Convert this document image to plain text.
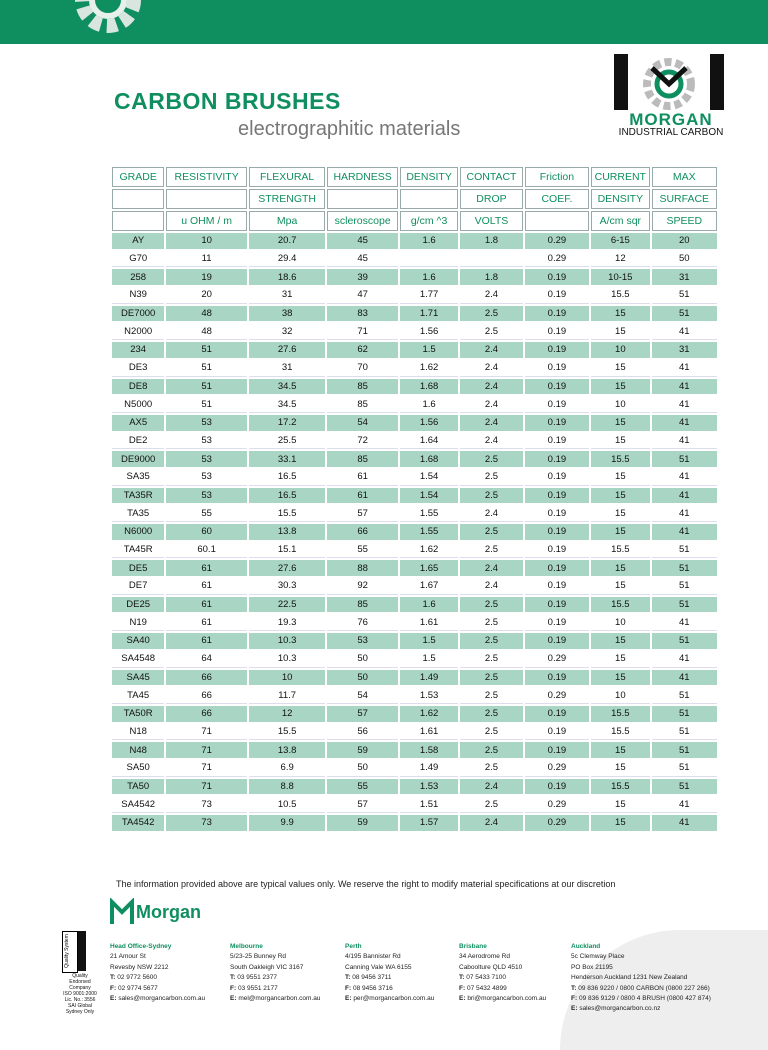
CARBON BRUSHES
electrographitic materials	MORGAN
INDUSTRIAL CARBON
GRADE	RESISTIVITY	FLEXURAL	HARDNESS	DENSITY	CONTACT	Friction	CURRENT	MAX
		STRENGTH			DROP	COEF.	DENSITY	SURFACE
	u OHM / m	Mpa	scleroscope	g/cm ^3	VOLTS		A/cm sqr	SPEED
AY	10	20.7	45	1.6	1.8	0.29	6-15	20
G70	11	29.4	45			0.29	12	50
258	19	18.6	39	1.6	1.8	0.19	10-15	31
N39	20	31	47	1.77	2.4	0.19	15.5	51
DE7000	48	38	83	1.71	2.5	0.19	15	51
N2000	48	32	71	1.56	2.5	0.19	15	41
234	51	27.6	62	1.5	2.4	0.19	10	31
DE3	51	31	70	1.62	2.4	0.19	15	41
DE8	51	34.5	85	1.68	2.4	0.19	15	41
N5000	51	34.5	85	1.6	2.4	0.19	10	41
AX5	53	17.2	54	1.56	2.4	0.19	15	41
DE2	53	25.5	72	1.64	2.4	0.19	15	41
DE9000	53	33.1	85	1.68	2.5	0.19	15.5	51
SA35	53	16.5	61	1.54	2.5	0.19	15	41
TA35R	53	16.5	61	1.54	2.5	0.19	15	41
TA35	55	15.5	57	1.55	2.4	0.19	15	41
N6000	60	13.8	66	1.55	2.5	0.19	15	41
TA45R	60.1	15.1	55	1.62	2.5	0.19	15.5	51
DE5	61	27.6	88	1.65	2.4	0.19	15	51
DE7	61	30.3	92	1.67	2.4	0.19	15	51
DE25	61	22.5	85	1.6	2.5	0.19	15.5	51
N19	61	19.3	76	1.61	2.5	0.19	10	41
SA40	61	10.3	53	1.5	2.5	0.19	15	51
SA4548	64	10.3	50	1.5	2.5	0.29	15	41
SA45	66	10	50	1.49	2.5	0.19	15	41
TA45	66	11.7	54	1.53	2.5	0.29	10	51
TA50R	66	12	57	1.62	2.5	0.19	15.5	51
N18	71	15.5	56	1.61	2.5	0.19	15.5	51
N48	71	13.8	59	1.58	2.5	0.19	15	51
SA50	71	6.9	50	1.49	2.5	0.29	15	51
TA50	71	8.8	55	1.53	2.4	0.19	15.5	51
SA4542	73	10.5	57	1.51	2.5	0.29	15	41
TA4542	73	9.9	59	1.57	2.4	0.29	15	41
The information provided above are typical values only. We reserve the right to modify material specifications at our discretion
Morgan
Quality System
Quality
Endorsed
Company
ISO 9001:2000
Lic. No.: 3556
SAI Global
Sydney Only
Head Office-Sydney
21 Amour St
Revesby NSW 2212
T: 02 9772 5600
F: 02 9774 5677
E: sales@morgancarbon.com.au
Melbourne
5/23-25 Bunney Rd
South Oakleigh VIC 3167
T: 03 9551 2377
F: 03 9551 2177
E: mel@morgancarbon.com.au
Perth
4/195 Bannister Rd
Canning Vale WA 6155
T: 08 9456 3711
F: 08 9456 3716
E: per@morgancarbon.com.au
Brisbane
34 Aerodrome Rd
Caboolture QLD 4510
T: 07 5433 7100
F: 07 5432 4899
E: bri@morgancarbon.com.au
Auckland
5c Clemway Place
PO Box 21195
Henderson Auckland 1231 New Zealand
T: 09 836 9220 / 0800 CARBON (0800 227 266)
F: 09 836 9129 / 0800 4 BRUSH (0800 427 874)
E: sales@morgancarbon.co.nz
